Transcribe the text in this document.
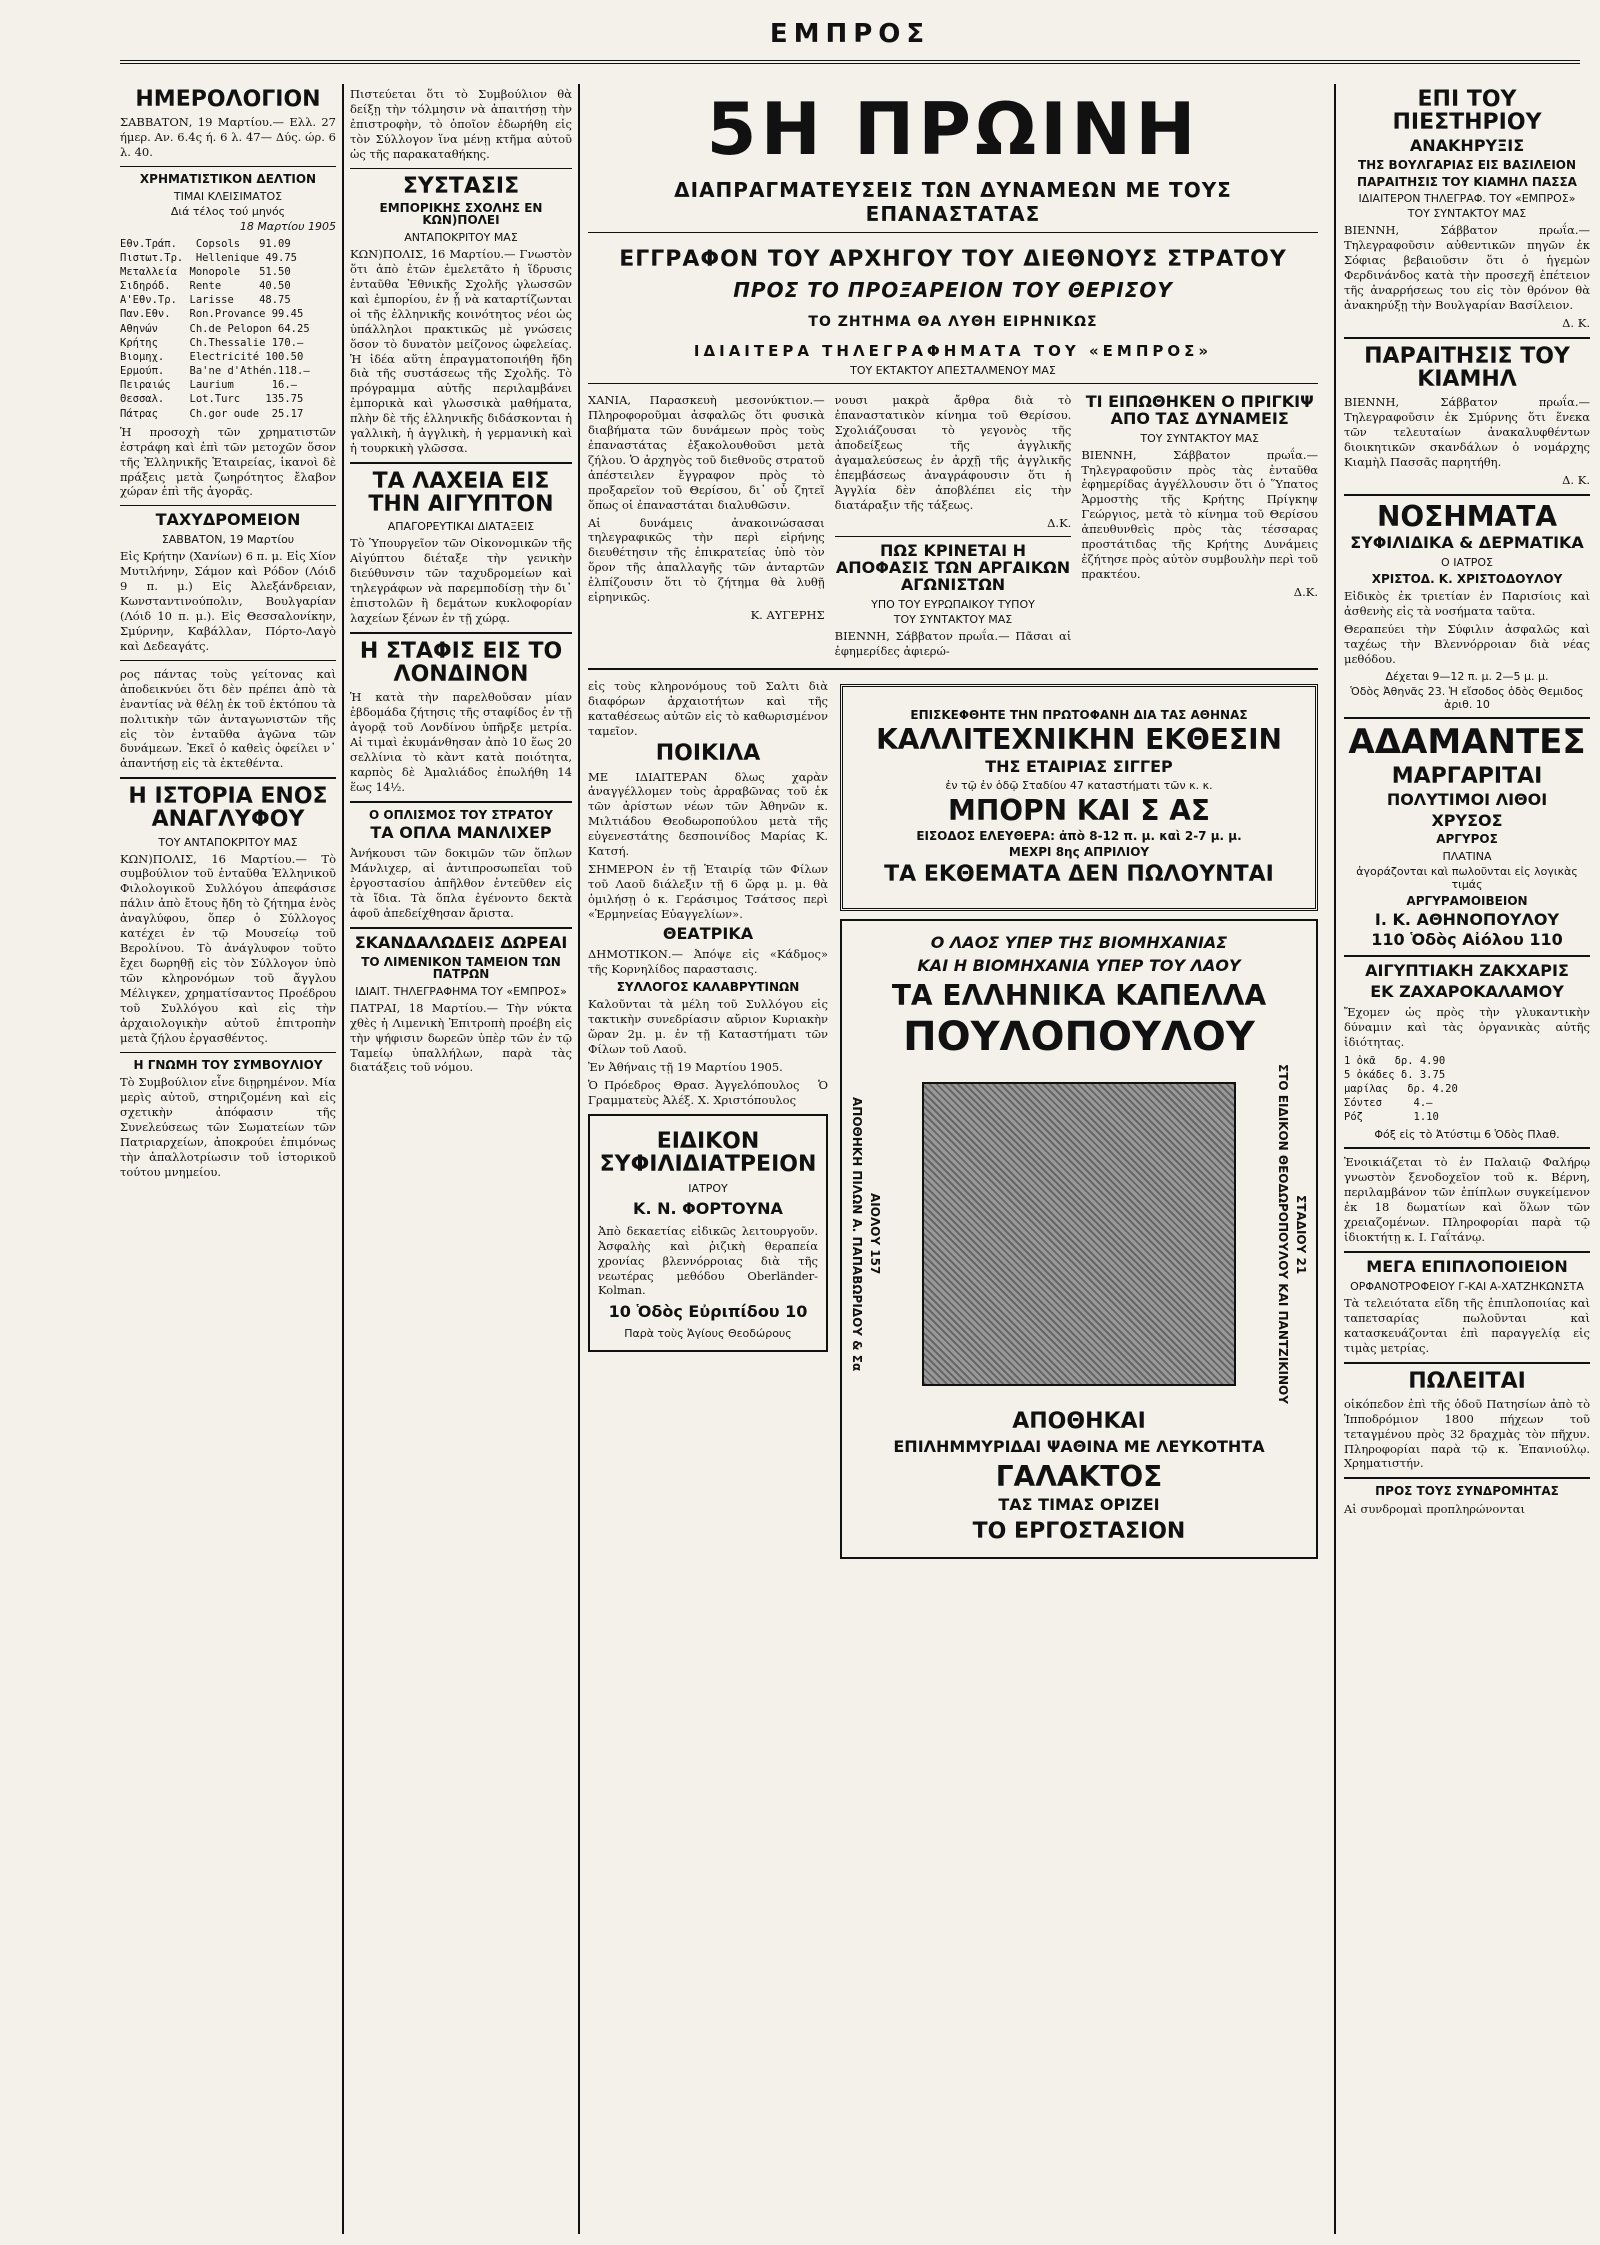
ΕΜΠΡΟΣ
ΗΜΕΡΟΛΟΓΙΟΝ
ΣΑΒΒΑΤΟΝ, 19 Μαρτίου.— Ελλ. 27 ήμερ. Αν. 6.4ς ή. 6 λ. 47— Δύς. ώρ. 6 λ. 40.
ΧΡΗΜΑΤΙΣΤΙΚΟΝ ΔΕΛΤΙΟΝ
ΤΙΜΑΙ ΚΛΕΙΣΙΜΑΤΟΣ
Διά τέλος τού μηνός
18 Μαρτίου 1905
Εθν.Τράπ.   Copsols   91.09
Πιστωτ.Τρ.  Hellenique 49.75
Μεταλλεία  Monopole   51.50
Σιδηρόδ.   Rente      40.50
Α'Εθν.Τρ.  Larisse    48.75
Παν.Εθν.   Ron.Provance 99.45
Αθηνών     Ch.de Pelopon 64.25
Κρήτης     Ch.Thessalie 170.—
Βιομηχ.    Electricité 100.50
Ερμούπ.    Ba'ne d'Athén.118.—
Πειραιώς   Laurium      16.—
Θεσσαλ.    Lot.Turc    135.75
Πάτρας     Ch.gor oude  25.17
Ἡ προσοχὴ τῶν χρηματιστῶν ἐστράφη καὶ ἐπὶ τῶν μετοχῶν ὅσον τῆς Ἑλληνικῆς Ἑταιρείας, ἱκανοὶ δὲ πράξεις μετὰ ζωηρότητος ἔλαβον χώραν ἐπὶ τῆς ἀγορᾶς.
ΤΑΧΥΔΡΟΜΕΙΟΝ
ΣΑΒΒΑΤΟΝ, 19 Μαρτίου
Εἰς Κρήτην (Χανίων) 6 π. μ. Εἰς Χίον Μυτιλήνην, Σάμον καὶ Ρόδον (Λόιδ 9 π. μ.) Εἰς Ἀλεξάνδρειαν, Κωνσταντινούπολιν, Βουλγαρίαν (Λόιδ 10 π. μ.). Εἰς Θεσσαλονίκην, Σμύρνην, Καβάλλαν, Πόρτο-Λαγὸ καὶ Δεδεαγάτς.
ρος πάντας τοὺς γείτονας καὶ ἀποδεικνύει ὅτι δὲν πρέπει ἀπὸ τὰ ἐναντίας νὰ θέλῃ ἐκ τοῦ ἐκτόπου τὰ πολιτικὴν τῶν ἀνταγωνιστῶν τῆς εἰς τὸν ἐνταῦθα ἀγῶνα τῶν δυνάμεων. Ἐκεῖ ὁ καθεὶς ὀφείλει ν᾽ ἀπαντήσῃ εἰς τὰ ἐκτεθέντα.
Η ΙΣΤΟΡΙΑ ΕΝΟΣ ΑΝΑΓΛΥΦΟΥ
ΤΟΥ ΑΝΤΑΠΟΚΡΙΤΟΥ ΜΑΣ
ΚΩΝ)ΠΟΛΙΣ, 16 Μαρτίου.— Τὸ συμβούλιον τοῦ ἐνταῦθα Ἑλληνικοῦ Φιλολογικοῦ Συλλόγου ἀπεφάσισε πάλιν ἀπὸ ἔτους ἤδη τὸ ζήτημα ἑνὸς ἀναγλύφου, ὅπερ ὁ Σύλλογος κατέχει ἐν τῷ Μουσείῳ τοῦ Βερολίνου. Τὸ ἀνάγλυφον τοῦτο ἔχει δωρηθῇ εἰς τὸν Σύλλογον ὑπὸ τῶν κληρονόμων τοῦ ἄγγλου Μέλιγκεν, χρηματίσαντος Προέδρου τοῦ Συλλόγου καὶ εἰς τὴν ἀρχαιολογικὴν αὐτοῦ ἐπιτροπὴν μετὰ ζήλου ἐργασθέντος.
Η ΓΝΩΜΗ ΤΟΥ ΣΥΜΒΟΥΛΙΟΥ
Τὸ Συμβούλιον εἶνε διῃρημένον. Μία μερὶς αὐτοῦ, στηριζομένη καὶ εἰς σχετικὴν ἀπόφασιν τῆς Συνελεύσεως τῶν Σωματείων τῶν Πατριαρχείων, ἀποκρούει ἐπιμόνως τὴν ἀπαλλοτρίωσιν τοῦ ἱστορικοῦ τούτου μνημείου.
Πιστεύεται ὅτι τὸ Συμβούλιον θὰ δείξῃ τὴν τόλμησιν νὰ ἀπαιτήσῃ τὴν ἐπιστροφὴν, τὸ ὁποῖον ἐδωρήθη εἰς τὸν Σύλλογον ἵνα μένῃ κτῆμα αὐτοῦ ὡς τῆς παρακαταθήκης.
ΣΥΣΤΑΣΙΣ
ΕΜΠΟΡΙΚΗΣ ΣΧΟΛΗΣ ΕΝ ΚΩΝ)ΠΟΛΕΙ
ΑΝΤΑΠΟΚΡΙΤΟΥ ΜΑΣ
ΚΩΝ)ΠΟΛΙΣ, 16 Μαρτίου.— Γνωστὸν ὅτι ἀπὸ ἐτῶν ἐμελετᾶτο ἡ ἵδρυσις ἐνταῦθα Ἐθνικῆς Σχολῆς γλωσσῶν καὶ ἐμπορίου, ἐν ᾗ νὰ καταρτίζωνται οἱ τῆς ἐλληνικῆς κοινότητος νέοι ὡς ὑπάλληλοι πρακτικῶς μὲ γνώσεις ὅσον τὸ δυνατὸν μείζονος ὠφελείας. Ἡ ἰδέα αὕτη ἐπραγματοποιήθη ἤδη διὰ τῆς συστάσεως τῆς Σχολῆς. Τὸ πρόγραμμα αὐτῆς περιλαμβάνει ἐμπορικὰ καὶ γλωσσικὰ μαθήματα, πλὴν δὲ τῆς ἑλληνικῆς διδάσκονται ἡ γαλλικὴ, ἡ ἀγγλικὴ, ἡ γερμανικὴ καὶ ἡ τουρκικὴ γλῶσσα.
ΤΑ ΛΑΧΕΙΑ ΕΙΣ ΤΗΝ ΑΙΓΥΠΤΟΝ
ΑΠΑΓΟΡΕΥΤΙΚΑΙ ΔΙΑΤΑΞΕΙΣ
Τὸ Ὑπουργεῖον τῶν Οἰκονομικῶν τῆς Αἰγύπτου διέταξε τὴν γενικὴν διεύθυνσιν τῶν ταχυδρομείων καὶ τηλεγράφων νὰ παρεμποδίσῃ τὴν δι᾽ ἐπιστολῶν ἢ δεμάτων κυκλοφορίαν λαχείων ξένων ἐν τῇ χώρᾳ.
Η ΣΤΑΦΙΣ ΕΙΣ ΤΟ ΛΟΝΔΙΝΟΝ
Ἡ κατὰ τὴν παρελθοῦσαν μίαν ἑβδομάδα ζήτησις τῆς σταφίδος ἐν τῇ ἀγορᾷ τοῦ Λονδίνου ὑπῆρξε μετρία. Αἱ τιμαὶ ἐκυμάνθησαν ἀπὸ 10 ἕως 20 σελλίνια τὸ κὰντ κατὰ ποιότητα, καρπὸς δὲ Ἀμαλιάδος ἐπωλήθη 14 ἕως 14½.
Ο ΟΠΛΙΣΜΟΣ ΤΟΥ ΣΤΡΑΤΟΥ
ΤΑ ΟΠΛΑ ΜΑΝΛΙΧΕΡ
Ἀνήκουσι τῶν δοκιμῶν τῶν ὅπλων Μάνλιχερ, αἱ ἀντιπροσωπεῖαι τοῦ ἐργοστασίου ἀπῆλθον ἐντεῦθεν εἰς τὰ ἴδια. Τὰ ὅπλα ἐγένοντο δεκτὰ ἀφοῦ ἀπεδείχθησαν ἄριστα.
ΣΚΑΝΔΑΛΩΔΕΙΣ ΔΩΡΕΑΙ
ΤΟ ΛΙΜΕΝΙΚΟΝ ΤΑΜΕΙΟΝ ΤΩΝ ΠΑΤΡΩΝ
ΙΔΙΑΙΤ. ΤΗΛΕΓΡΑΦΗΜΑ ΤΟΥ «ΕΜΠΡΟΣ»
ΠΑΤΡΑΙ, 18 Μαρτίου.— Τὴν νύκτα χθὲς ἡ Λιμενικὴ Ἐπιτροπὴ προέβη εἰς τὴν ψήφισιν δωρεῶν ὑπὲρ τῶν ἐν τῷ Ταμείῳ ὑπαλλήλων, παρὰ τὰς διατάξεις τοῦ νόμου.
5Η ΠΡΩΙΝΗ
ΔΙΑΠΡΑΓΜΑΤΕΥΣΕΙΣ ΤΩΝ ΔΥΝΑΜΕΩΝ ΜΕ ΤΟΥΣ ΕΠΑΝΑΣΤΑΤΑΣ
ΕΓΓΡΑΦΟΝ ΤΟΥ ΑΡΧΗΓΟΥ ΤΟΥ ΔΙΕΘΝΟΥΣ ΣΤΡΑΤΟΥ
ΠΡΟΣ ΤΟ ΠΡΟΞΑΡΕΙΟΝ ΤΟΥ ΘΕΡΙΣΟΥ
ΤΟ ΖΗΤΗΜΑ ΘΑ ΛΥΘΗ ΕΙΡΗΝΙΚΩΣ
ΙΔΙΑΙΤΕΡΑ ΤΗΛΕΓΡΑΦΗΜΑΤΑ ΤΟΥ «ΕΜΠΡΟΣ»
ΤΟΥ ΕΚΤΑΚΤΟΥ ΑΠΕΣΤΑΛΜΕΝΟΥ ΜΑΣ
ΧΑΝΙΑ, Παρασκευὴ μεσονύκτιον.— Πληροφοροῦμαι ἀσφαλῶς ὅτι φυσικὰ διαβήματα τῶν δυνάμεων πρὸς τοὺς ἐπαναστάτας ἐξακολουθοῦσι μετὰ ζήλου. Ὁ ἀρχηγὸς τοῦ διεθνοῦς στρατοῦ ἀπέστειλεν ἔγγραφον πρὸς τὸ προξαρεῖον τοῦ Θερίσου, δι᾽ οὗ ζητεῖ ὅπως οἱ ἐπαναστάται διαλυθῶσιν.
Αἱ δυνάμεις ἀνακοινώσασαι τηλεγραφικῶς τὴν περὶ εἰρήνης διευθέτησιν τῆς ἐπικρατείας ὑπὸ τὸν ὅρον τῆς ἀπαλλαγῆς τῶν ἀνταρτῶν ἐλπίζουσιν ὅτι τὸ ζήτημα θὰ λυθῇ εἰρηνικῶς.
Κ. ΑΥΓΕΡΗΣ
νουσι μακρὰ ἄρθρα διὰ τὸ ἐπαναστατικὸν κίνημα τοῦ Θερίσου. Σχολιάζουσαι τὸ γεγονὸς τῆς ἀποδείξεως τῆς ἀγγλικῆς ἀγαμαλεύσεως ἐν ἀρχῇ τῆς ἀγγλικῆς ἐπεμβάσεως ἀναγράφουσιν ὅτι ἡ Ἀγγλία δὲν ἀποβλέπει εἰς τὴν διατάραξιν τῆς τάξεως.
Δ.Κ.
ΠΩΣ ΚΡΙΝΕΤΑΙ Η ΑΠΟΦΑΣΙΣ ΤΩΝ ΑΡΓΑΙΚΩΝ ΑΓΩΝΙΣΤΩΝ
ΥΠΟ ΤΟΥ ΕΥΡΩΠΑΙΚΟΥ ΤΥΠΟΥ
ΤΟΥ ΣΥΝΤΑΚΤΟΥ ΜΑΣ
ΒΙΕΝΝΗ, Σάββατον πρωΐα.— Πᾶσαι αἱ ἐφημερίδες ἀφιερώ-
ΤΙ ΕΙΠΩΘΗΚΕΝ Ο ΠΡΙΓΚΙΨ ΑΠΟ ΤΑΣ ΔΥΝΑΜΕΙΣ
ΤΟΥ ΣΥΝΤΑΚΤΟΥ ΜΑΣ
ΒΙΕΝΝΗ, Σάββατον πρωΐα.— Τηλεγραφοῦσιν πρὸς τὰς ἐνταῦθα ἐφημερίδας ἀγγέλλουσιν ὅτι ὁ Ὕπατος Ἁρμοστὴς τῆς Κρήτης Πρίγκηψ Γεώργιος, μετὰ τὸ κίνημα τοῦ Θερίσου ἀπευθυνθεὶς πρὸς τὰς τέσσαρας προστάτιδας τῆς Κρήτης Δυνάμεις ἐζήτησε πρὸς αὐτὸν συμβουλὴν περὶ τοῦ πρακτέου.
Δ.Κ.
εἰς τοὺς κληρονόμους τοῦ Σαλτι διὰ διαφόρων ἀρχαιοτήτων καὶ τῆς καταθέσεως αὐτῶν εἰς τὸ καθωρισμένον ταμεῖον.
ΠΟΙΚΙΛΑ
ΜΕ ΙΔΙΑΙΤΕΡΑΝ δλως χαρὰν ἀναγγέλλομεν τοὺς ἀρραβῶνας τοῦ ἐκ τῶν ἀρίστων νέων τῶν Ἀθηνῶν κ. Μιλτιάδου Θεοδωροπούλου μετὰ τῆς εὐγενεστάτης δεσποινίδος Μαρίας Κ. Κατσή.
ΣΗΜΕΡΟΝ ἐν τῇ Ἑταιρίᾳ τῶν Φίλων τοῦ Λαοῦ διάλεξιν τῇ 6 ὥρᾳ μ. μ. θὰ ὁμιλήσῃ ὁ κ. Γεράσιμος Τσάτσος περὶ «Ἑρμηνείας Εὐαγγελίων».
ΘΕΑΤΡΙΚΑ
ΔΗΜΟΤΙΚΟΝ.— Ἀπόψε εἰς «Κάδμος» τῆς Κορνηλίδος παραστασις.
ΣΥΛΛΟΓΟΣ ΚΑΛΑΒΡΥΤΙΝΩΝ
Καλοῦνται τὰ μέλη τοῦ Συλλόγου εἰς τακτικὴν συνεδρίασιν αὔριον Κυριακὴν ὥραν 2μ. μ. ἐν τῇ Καταστήματι τῶν Φίλων τοῦ Λαοῦ.
Ἐν Ἀθήναις τῇ 19 Μαρτίου 1905.
Ὁ Πρόεδρος  Θρασ. Ἀγγελόπουλος   Ὁ Γραμματεὺς Ἀλέξ. Χ. Χριστόπουλος
ΕΙΔΙΚΟΝ ΣΥΦΙΛΙΔΙΑΤΡΕΙΟΝ
ΙΑΤΡΟΥ
Κ. Ν. ΦΟΡΤΟΥΝΑ
Ἀπὸ δεκαετίας εἰδικῶς λειτουργοῦν. Ἀσφαλὴς καὶ ῥιζικὴ θεραπεία χρονίας βλεννόρροιας διὰ τῆς νεωτέρας μεθόδου Oberländer-Kolman.
10 Ὁδὸς Εὐριπίδου 10
Παρὰ τοὺς Ἁγίους Θεοδώρους
ΕΠΙΣΚΕΦΘΗΤΕ ΤΗΝ ΠΡΩΤΟΦΑΝΗ ΔΙΑ ΤΑΣ ΑΘΗΝΑΣ
ΚΑΛΛΙΤΕΧΝΙΚΗΝ ΕΚΘΕΣΙΝ
ΤΗΣ ΕΤΑΙΡΙΑΣ ΣΙΓΓΕΡ
ἐν τῷ ἐν ὁδῷ Σταδίου 47 καταστήματι τῶν κ. κ.
ΜΠΟΡΝ ΚΑΙ Σ ΑΣ
ΕΙΣΟΔΟΣ ΕΛΕΥΘΕΡΑ: ἀπὸ 8-12 π. μ. καὶ 2-7 μ. μ.
ΜΕΧΡΙ 8ης ΑΠΡΙΛΙΟΥ
ΤΑ ΕΚΘΕΜΑΤΑ ΔΕΝ ΠΩΛΟΥΝΤΑΙ
Ο ΛΑΟΣ ΥΠΕΡ ΤΗΣ ΒΙΟΜΗΧΑΝΙΑΣ
ΚΑΙ Η ΒΙΟΜΗΧΑΝΙΑ ΥΠΕΡ ΤΟΥ ΛΑΟΥ
ΤΑ ΕΛΛΗΝΙΚΑ ΚΑΠΕΛΛΑ
ΠΟΥΛΟΠΟΥΛΟΥ
ΑΠΟΘΗΚΗ ΠΙΛΩΝ Α. ΠΑΠΑΒΩΡΙΔΟΥ & Σα ΑΙΟΛΟΥ 157	ΣΤΟ ΕΙΔΙΚΟΝ ΘΕΟΔΩΡΟΠΟΥΛΟΥ ΚΑΙ ΠΑΝΤΖΙΚΙΝΟΥ ΣΤΑΔΙΟΥ 21
ΑΠΟΘΗΚΑΙ
ΕΠΙΛΗΜΜΥΡΙΔΑΙ ΨΑΘΙΝΑ ΜΕ ΛΕΥΚΟΤΗΤΑ
ΓΑΛΑΚΤΟΣ
ΤΑΣ ΤΙΜΑΣ ΟΡΙΖΕΙ
ΤΟ ΕΡΓΟΣΤΑΣΙΟΝ
ΕΠΙ ΤΟΥ ΠΙΕΣΤΗΡΙΟΥ
ΑΝΑΚΗΡΥΞΙΣ
ΤΗΣ ΒΟΥΛΓΑΡΙΑΣ ΕΙΣ ΒΑΣΙΛΕΙΟΝ
ΠΑΡΑΙΤΗΣΙΣ ΤΟΥ ΚΙΑΜΗΛ ΠΑΣΣΑ
ΙΔΙΑΙΤΕΡΟΝ ΤΗΛΕΓΡΑΦ. ΤΟΥ «ΕΜΠΡΟΣ»
ΤΟΥ ΣΥΝΤΑΚΤΟΥ ΜΑΣ
ΒΙΕΝΝΗ, Σάββατον πρωΐα.— Τηλεγραφοῦσιν αὐθεντικῶν πηγῶν ἐκ Σόφιας βεβαιοῦσιν ὅτι ὁ ἡγεμὼν Φερδινάνδος κατὰ τὴν προσεχῆ ἐπέτειον τῆς ἀναρρήσεως του εἰς τὸν θρόνον θὰ ἀνακηρύξῃ τὴν Βουλγαρίαν Βασίλειον.
Δ. Κ.
ΠΑΡΑΙΤΗΣΙΣ ΤΟΥ ΚΙΑΜΗΛ
ΒΙΕΝΝΗ, Σάββατον πρωΐα.— Τηλεγραφοῦσιν ἐκ Σμύρνης ὅτι ἕνεκα τῶν τελευταίων ἀνακαλυφθέντων διοικητικῶν σκανδάλων ὁ νομάρχης Κιαμὴλ Πασσᾶς παρητήθη.
Δ. Κ.
ΝΟΣΗΜΑΤΑ
ΣΥΦΙΛΙΔΙΚΑ & ΔΕΡΜΑΤΙΚΑ
Ο ΙΑΤΡΟΣ
ΧΡΙΣΤΟΔ. Κ. ΧΡΙΣΤΟΔΟΥΛΟΥ
Εἰδικὸς ἐκ τριετίαν ἐν Παρισίοις καὶ ἀσθενὴς εἰς τὰ νοσήματα ταῦτα.
Θεραπεύει τὴν Σύφιλιν ἀσφαλῶς καὶ ταχέως τὴν Βλεννόρροιαν διὰ νέας μεθόδου.
Δέχεται 9—12 π. μ. 2—5 μ. μ.
Ὁδὸς Ἀθηνᾶς 23. Ἡ εἴσοδος ὁδὸς Θεμιδος ἀριθ. 10
ΑΔΑΜΑΝΤΕΣ
ΜΑΡΓΑΡΙΤΑΙ
ΠΟΛΥΤΙΜΟΙ ΛΙΘΟΙ
ΧΡΥΣΟΣ
ΑΡΓΥΡΟΣ
ΠΛΑΤΙΝΑ
ἀγοράζονται καὶ πωλοῦνται εἰς λογικὰς τιμάς
ΑΡΓΥΡΑΜΟΙΒΕΙΟΝ
Ι. Κ. ΑΘΗΝΟΠΟΥΛΟΥ
110 Ὁδὸς Αἰόλου 110
ΑΙΓΥΠΤΙΑΚΗ ΖΑΚΧΑΡΙΣ
ΕΚ ΖΑΧΑΡΟΚΑΛΑΜΟΥ
Ἔχομεν ὡς πρὸς τὴν γλυκαντικὴν δύναμιν καὶ τὰς ὀργανικὰς αὐτῆς ἰδιότητας.
1 ὀκᾶ   δρ. 4.90
5 ὀκάδες δ. 3.75
μαρίλας   δρ. 4.20
Σόντεσ     4.—
Ρόζ        1.10
Φόξ εἰς τὸ Ἀτύστιμ 6 Ὁδὸς Πλαθ.
Ἐνοικιάζεται τὸ ἐν Παλαιῷ Φαλήρῳ γνωστὸν ξενοδοχεῖον τοῦ κ. Βέρνη, περιλαμβάνον τῶν ἐπίπλων συγκείμενον ἐκ 18 δωματίων καὶ ὅλων τῶν χρειαζομένων. Πληροφορίαι παρὰ τῷ ἰδιοκτήτῃ κ. Ι. Γαΐτάνῳ.
ΜΕΓΑ ΕΠΙΠΛΟΠΟΙΕΙΟΝ
ΟΡΦΑΝΟΤΡΟΦΕΙΟΥ Γ-ΚΑΙ Α-ΧΑΤΖΗΚΩΝΣΤΑ
Τὰ τελειότατα εἴδη τῆς ἐπιπλοποιίας καὶ ταπετσαρίας πωλοῦνται καὶ κατασκευάζονται ἐπὶ παραγγελίᾳ εἰς τιμὰς μετρίας.
ΠΩΛΕΙΤΑΙ
οἰκόπεδον ἐπὶ τῆς ὁδοῦ Πατησίων ἀπὸ τὸ Ἱπποδρόμιον 1800 πήχεων τοῦ τεταγμένου πρὸς 32 δραχμὰς τὸν πῆχυν. Πληροφορίαι παρὰ τῷ κ. Ἐπανιούλῳ. Χρηματιστήν.
ΠΡΟΣ ΤΟΥΣ ΣΥΝΔΡΟΜΗΤΑΣ
Αἱ συνδρομαὶ προπληρώνονται
